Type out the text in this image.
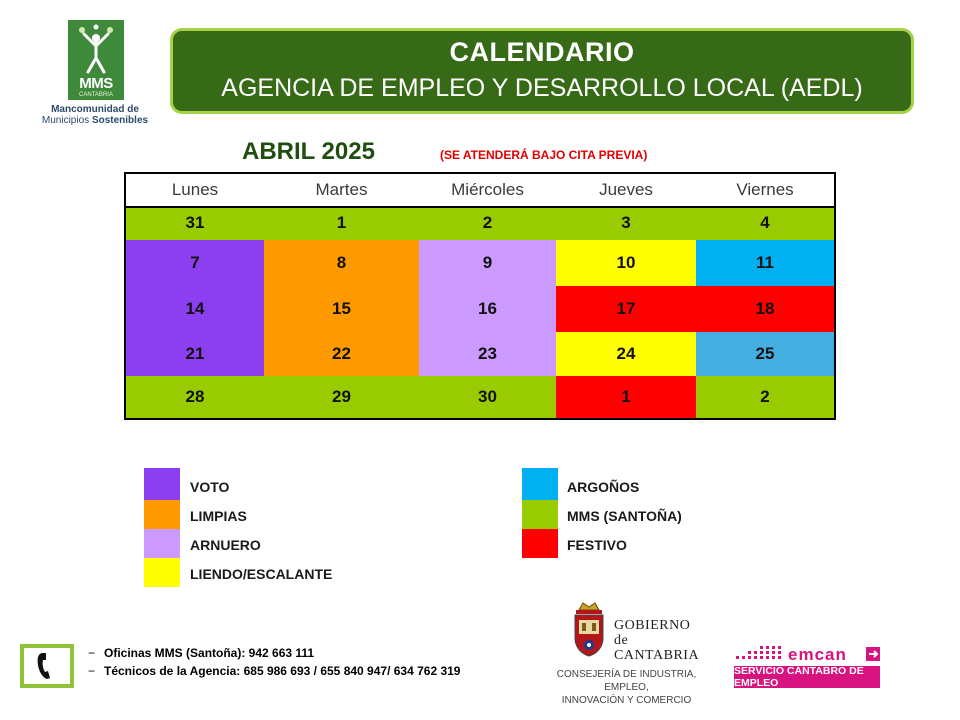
MMS
CANTABRIA
Mancomunidad de
Municipios Sostenibles
CALENDARIO
AGENCIA DE EMPLEO Y DESARROLLO LOCAL (AEDL)
ABRIL 2025	(SE ATENDERÁ BAJO CITA PREVIA)
Lunes	Martes	Miércoles	Jueves	Viernes
31	1	2	3	4
7	8	9	10	11
14	15	16	17	18
21	22	23	24	25
28	29	30	1	2
VOTO
LIMPIAS
ARNUERO
LIENDO/ESCALANTE
ARGOÑOS
MMS (SANTOÑA)
FESTIVO
− Oficinas MMS (Santoña): 942 663 111
− Técnicos de la Agencia: 685 986 693 / 655 840 947/ 634 762 319
GOBIERNO
de
CANTABRIA
CONSEJERÍA DE INDUSTRIA, EMPLEO,
INNOVACIÓN Y COMERCIO
emcan
SERVICIO CÁNTABRO DE EMPLEO
